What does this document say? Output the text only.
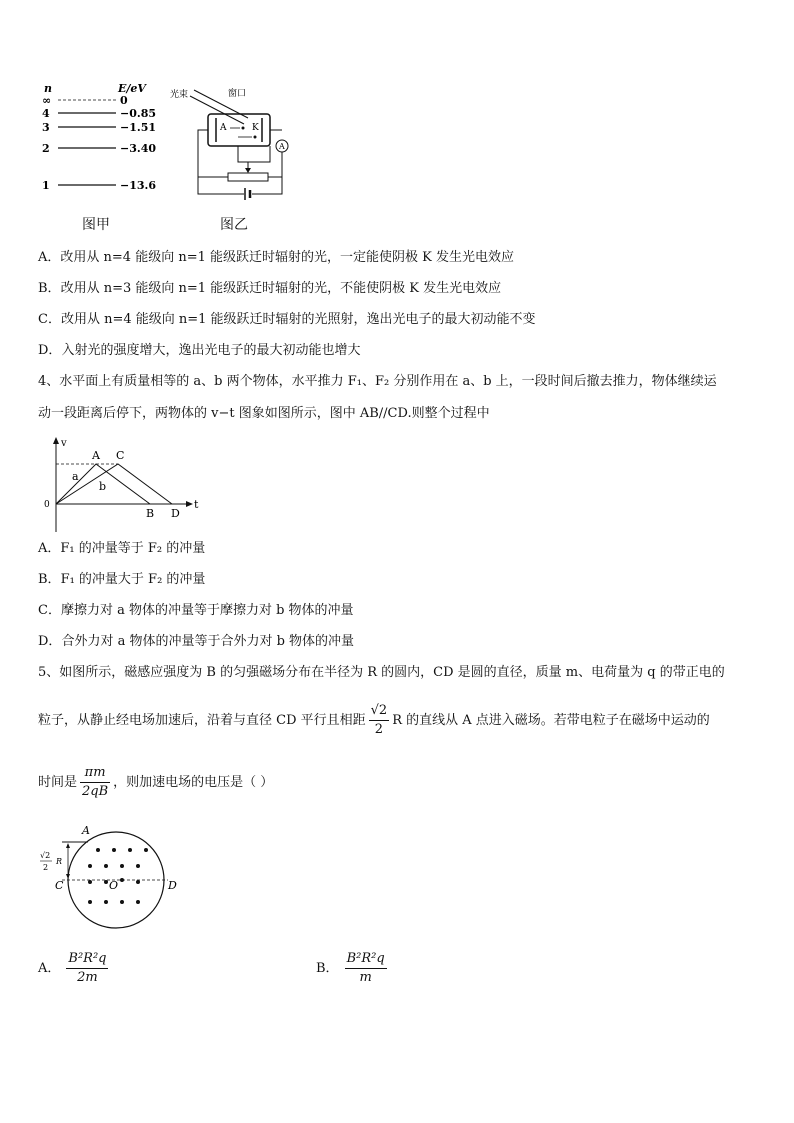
n	E/eV
∞	0
4	−0.85
3	−1.51
2	−3.40
1	−13.6
图甲
光束	窗口
A	K
A
图乙
A．改用从 n=4 能级向 n=1 能级跃迁时辐射的光，一定能使阴极 K 发生光电效应
B．改用从 n=3 能级向 n=1 能级跃迁时辐射的光，不能使阴极 K 发生光电效应
C．改用从 n=4 能级向 n=1 能级跃迁时辐射的光照射，逸出光电子的最大初动能不变
D．入射光的强度增大，逸出光电子的最大初动能也增大
4、水平面上有质量相等的 a、b 两个物体，水平推力 F₁、F₂ 分别作用在 a、b 上，一段时间后撤去推力，物体继续运
动一段距离后停下，两物体的 v−t 图象如图所示，图中 AB//CD.则整个过程中
v
t
0
A C
B D
a
b
A．F₁ 的冲量等于 F₂ 的冲量
B．F₁ 的冲量大于 F₂ 的冲量
C．摩擦力对 a 物体的冲量等于摩擦力对 b 物体的冲量
D．合外力对 a 物体的冲量等于合外力对 b 物体的冲量
5、如图所示，磁感应强度为 B 的匀强磁场分布在半径为 R 的圆内，CD 是圆的直径，质量 m、电荷量为 q 的带正电的
粒子，从静止经电场加速后，沿着与直径 CD 平行且相距 $\frac{√2}{2}$ R 的直线从 A 点进入磁场。若带电粒子在磁场中运动的
时间是 $\frac{\pi m}{2qB}$ ，则加速电场的电压是（ ）
A
C	D
O
√2
2
R
A． $\frac{\text{B²R²q}}{2m}$	B． $\frac{\text{B²R²q}}{m}$
